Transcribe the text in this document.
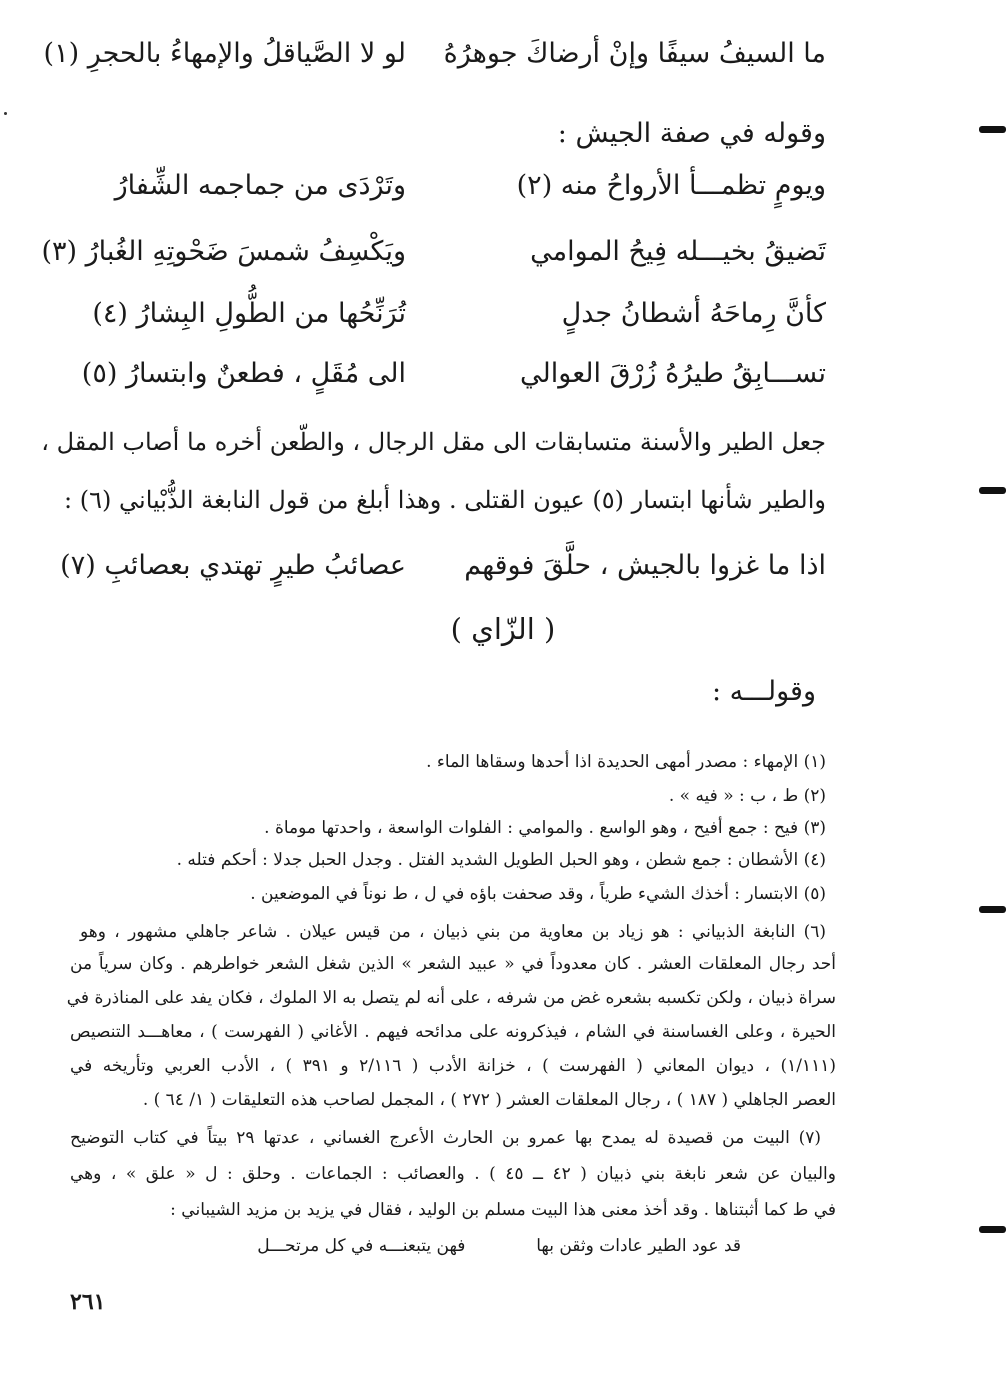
ما السيفُ سيفًا وإنْ أرضاكَ جوهرُهُ
لو لا الصَّياقلُ والإمهاءُ بالحجرِ (١)
وقوله في صفة الجيش :
ويومٍ تظمـــأ الأرواحُ منه (٢)
وتَرْدَى من جماجمه الشِّفارُ
تَضيقُ بخيـــله فِيحُ الموامي
ويَكْسِفُ شمسَ ضَحْوتِهِ الغُبارُ (٣)
كأنَّ رِماحَهُ أشطانُ جدلٍ
تُرَنِّحُها من الطُّولِ البِشارُ (٤)
تســـابِقُ طيرُهُ زُرْقَ العوالي
الى مُقَلٍ ، فطعنٌ وابتسارُ (٥)
جعل الطير والأسنة متسابقات الى مقل الرجال ، والطّعن أخره ما أصاب المقل ،
والطير شأنها ابتسار (٥) عيون القتلى . وهذا أبلغ من قول النابغة الذُّبْياني (٦) :
اذا ما غزوا بالجيش ، حلَّقَ فوقهم
عصائبُ طيرٍ تهتدي بعصائبِ (٧)
( الزّاي )
وقولـــه :
(١) الإمهاء : مصدر أمهى الحديدة اذا أحدها وسقاها الماء .
(٢) ط ، ب : « فيه » .
(٣) فيح : جمع أفيح ، وهو الواسع . والموامي : الفلوات الواسعة ، واحدتها موماة .
(٤) الأشطان : جمع شطن ، وهو الحبل الطويل الشديد الفتل . وجدل الحبل جدلا : أحكم فتله .
(٥) الابتسار : أخذك الشيء طرياً ، وقد صحفت باؤه في ل ، ط نوناً في الموضعين .
(٦) النابغة الذبياني : هو زياد بن معاوية من بني ذبيان ، من قيس عيلان . شاعر جاهلي مشهور ، وهو
أحد رجال المعلقات العشر . كان معدوداً في « عبيد الشعر » الذين شغل الشعر خواطرهم . وكان سرياً من
سراة ذبيان ، ولكن تكسبه بشعره غض من شرفه ، على أنه لم يتصل به الا الملوك ، فكان يفد على المناذرة في
الحيرة ، وعلى الغساسنة في الشام ، فيذكرونه على مدائحه فيهم . الأغاني ( الفهرست ) ، معاهـــد التنصيص
(١/١١١) ، ديوان المعاني ( الفهرست ) ، خزانة الأدب ( ٢/١١٦ و ٣٩١ ) ، الأدب العربي وتأريخه في
العصر الجاهلي ( ١٨٧ ) ، رجال المعلقات العشر ( ٢٧٢ ) ، المجمل لصاحب هذه التعليقات ( ١/ ٦٤ ) .
(٧) البيت من قصيدة له يمدح بها عمرو بن الحارث الأعرج الغساني ، عدتها ٢٩ بيتاً في كتاب التوضيح
والبيان عن شعر نابغة بني ذبيان ( ٤٢ ــ ٤٥ ) . والعصائب : الجماعات . وحلق : ل « علق » ، وهي
في ط كما أثبتناها . وقد أخذ معنى هذا البيت مسلم بن الوليد ، فقال في يزيد بن مزيد الشيباني :
قد عود الطير عادات وثقن بها  فهن يتبعنـــه في كل مرتحـــل
٢٦١
